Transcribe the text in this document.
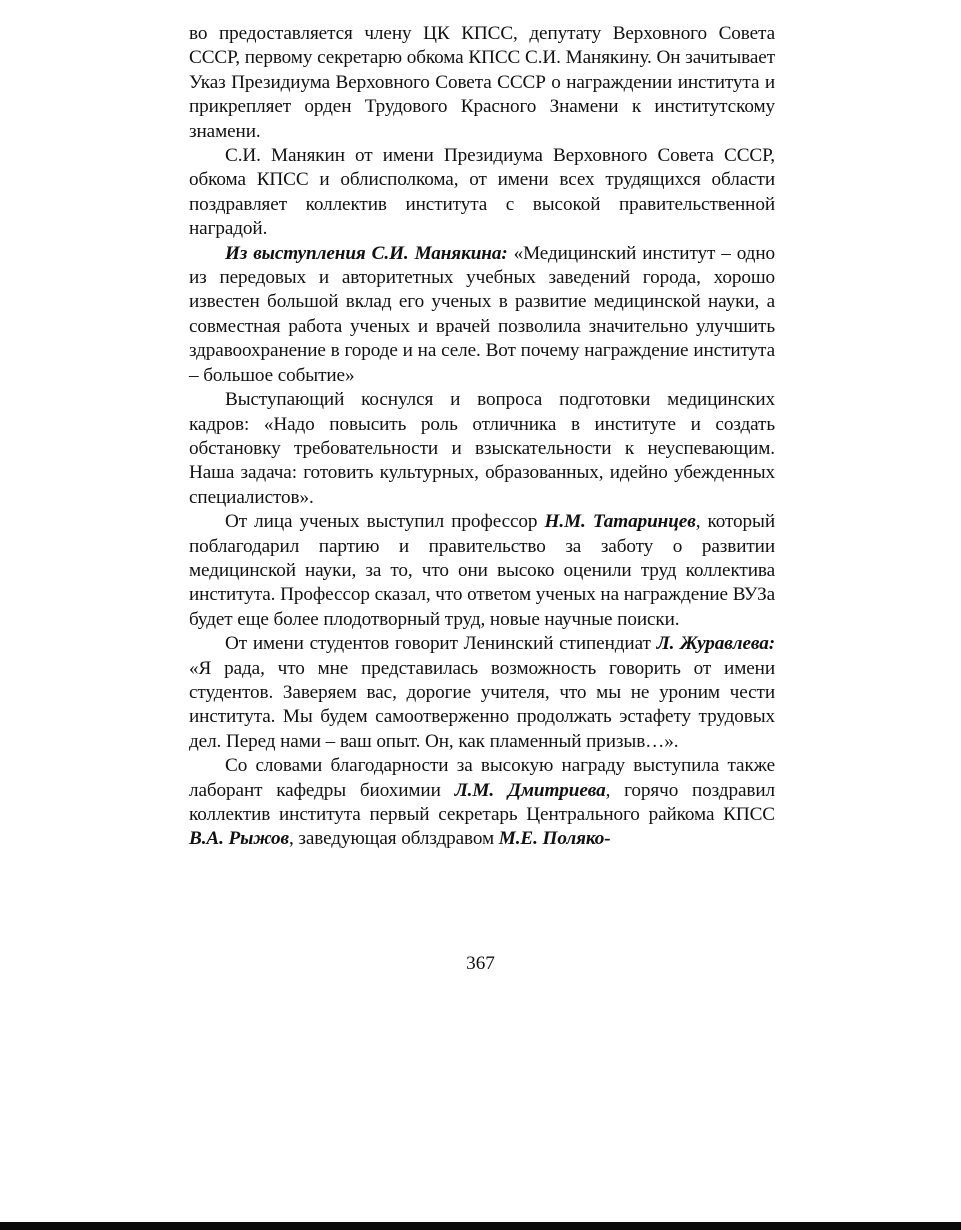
во предоставляется члену ЦК КПСС, депутату Верховного Совета СССР, первому секретарю обкома КПСС С.И. Манякину. Он зачитывает Указ Президиума Верховного Совета СССР о награждении института и прикрепляет орден Трудового Красного Знамени к институтскому знамени.

С.И. Манякин от имени Президиума Верховного Совета СССР, обкома КПСС и облисполкома, от имени всех трудящихся области поздравляет коллектив института с высокой правительственной наградой.

Из выступления С.И. Манякина: «Медицинский институт – одно из передовых и авторитетных учебных заведений города, хорошо известен большой вклад его ученых в развитие медицинской науки, а совместная работа ученых и врачей позволила значительно улучшить здравоохранение в городе и на селе. Вот почему награждение института – большое событие»

Выступающий коснулся и вопроса подготовки медицинских кадров: «Надо повысить роль отличника в институте и создать обстановку требовательности и взыскательности к неуспевающим. Наша задача: готовить культурных, образованных, идейно убежденных специалистов».

От лица ученых выступил профессор Н.М. Татаринцев, который поблагодарил партию и правительство за заботу о развитии медицинской науки, за то, что они высоко оценили труд коллектива института. Профессор сказал, что ответом ученых на награждение ВУЗа будет еще более плодотворный труд, новые научные поиски.

От имени студентов говорит Ленинский стипендиат Л. Журавлева: «Я рада, что мне представилась возможность говорить от имени студентов. Заверяем вас, дорогие учителя, что мы не уроним чести института. Мы будем самоотверженно продолжать эстафету трудовых дел. Перед нами – ваш опыт. Он, как пламенный призыв…».

Со словами благодарности за высокую награду выступила также лаборант кафедры биохимии Л.М. Дмитриева, горячо поздравил коллектив института первый секретарь Центрального райкома КПСС В.А. Рыжов, заведующая облздравом М.Е. Поляко-

367
